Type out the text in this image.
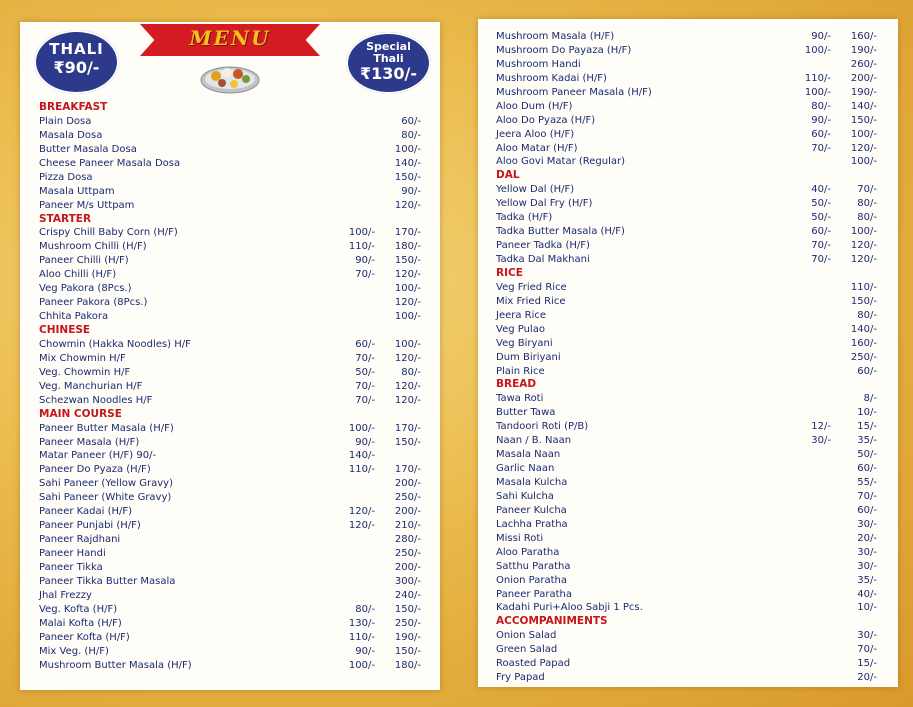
THALI
₹90/-
MENU	Special
Thali
₹130/-
BREAKFAST
Plain Dosa	60/-
Masala Dosa	80/-
Butter Masala Dosa	100/-
Cheese Paneer Masala Dosa	140/-
Pizza Dosa	150/-
Masala Uttpam	90/-
Paneer M/s Uttpam	120/-
STARTER
Crispy Chill Baby Corn (H/F)	100/- 170/-
Mushroom Chilli (H/F)	110/- 180/-
Paneer Chilli (H/F)	90/- 150/-
Aloo Chilli (H/F)	70/- 120/-
Veg Pakora (8Pcs.)	100/-
Paneer Pakora (8Pcs.)	120/-
Chhita Pakora	100/-
CHINESE
Chowmin (Hakka Noodles) H/F	60/- 100/-
Mix Chowmin H/F	70/- 120/-
Veg. Chowmin H/F	50/-	80/-
Veg. Manchurian H/F	70/- 120/-
Schezwan Noodles H/F	70/- 120/-
MAIN COURSE
Paneer Butter Masala (H/F)	100/- 170/-
Paneer Masala (H/F)	90/- 150/-
Matar Paneer (H/F) 90/-	140/-
Paneer Do Pyaza (H/F)	110/- 170/-
Sahi Paneer (Yellow Gravy)	200/-
Sahi Paneer (White Gravy)	250/-
Paneer Kadai (H/F)	120/- 200/-
Paneer Punjabi (H/F)	120/- 210/-
Paneer Rajdhani	280/-
Paneer Handi	250/-
Paneer Tikka	200/-
Paneer Tikka Butter Masala	300/-
Jhal Frezzy	240/-
Veg. Kofta (H/F)	80/- 150/-
Malai Kofta (H/F)	130/- 250/-
Paneer Kofta (H/F)	110/- 190/-
Mix Veg. (H/F)	90/- 150/-
Mushroom Butter Masala (H/F)	100/- 180/-
Mushroom Masala (H/F)	90/- 160/-
Mushroom Do Payaza (H/F)	100/- 190/-
Mushroom Handi	260/-
Mushroom Kadai (H/F)	110/- 200/-
Mushroom Paneer Masala (H/F)	100/- 190/-
Aloo Dum (H/F)	80/- 140/-
Aloo Do Pyaza (H/F)	90/- 150/-
Jeera Aloo (H/F)	60/- 100/-
Aloo Matar (H/F)	70/- 120/-
Aloo Govi Matar (Regular)	100/-
DAL
Yellow Dal (H/F)	40/-	70/-
Yellow Dal Fry (H/F)	50/-	80/-
Tadka (H/F)	50/-	80/-
Tadka Butter Masala (H/F)	60/- 100/-
Paneer Tadka (H/F)	70/- 120/-
Tadka Dal Makhani	70/- 120/-
RICE
Veg Fried Rice	110/-
Mix Fried Rice	150/-
Jeera Rice	80/-
Veg Pulao	140/-
Veg Biryani	160/-
Dum Biriyani	250/-
Plain Rice	60/-
BREAD
Tawa Roti	8/-
Butter Tawa	10/-
Tandoori Roti (P/B)	12/-	15/-
Naan / B. Naan	30/-	35/-
Masala Naan	50/-
Garlic Naan	60/-
Masala Kulcha	55/-
Sahi Kulcha	70/-
Paneer Kulcha	60/-
Lachha Pratha	30/-
Missi Roti	20/-
Aloo Paratha	30/-
Satthu Paratha	30/-
Onion Paratha	35/-
Paneer Paratha	40/-
Kadahi Puri+Aloo Sabji 1 Pcs.	10/-
ACCOMPANIMENTS
Onion Salad	30/-
Green Salad	70/-
Roasted Papad	15/-
Fry Papad	20/-
